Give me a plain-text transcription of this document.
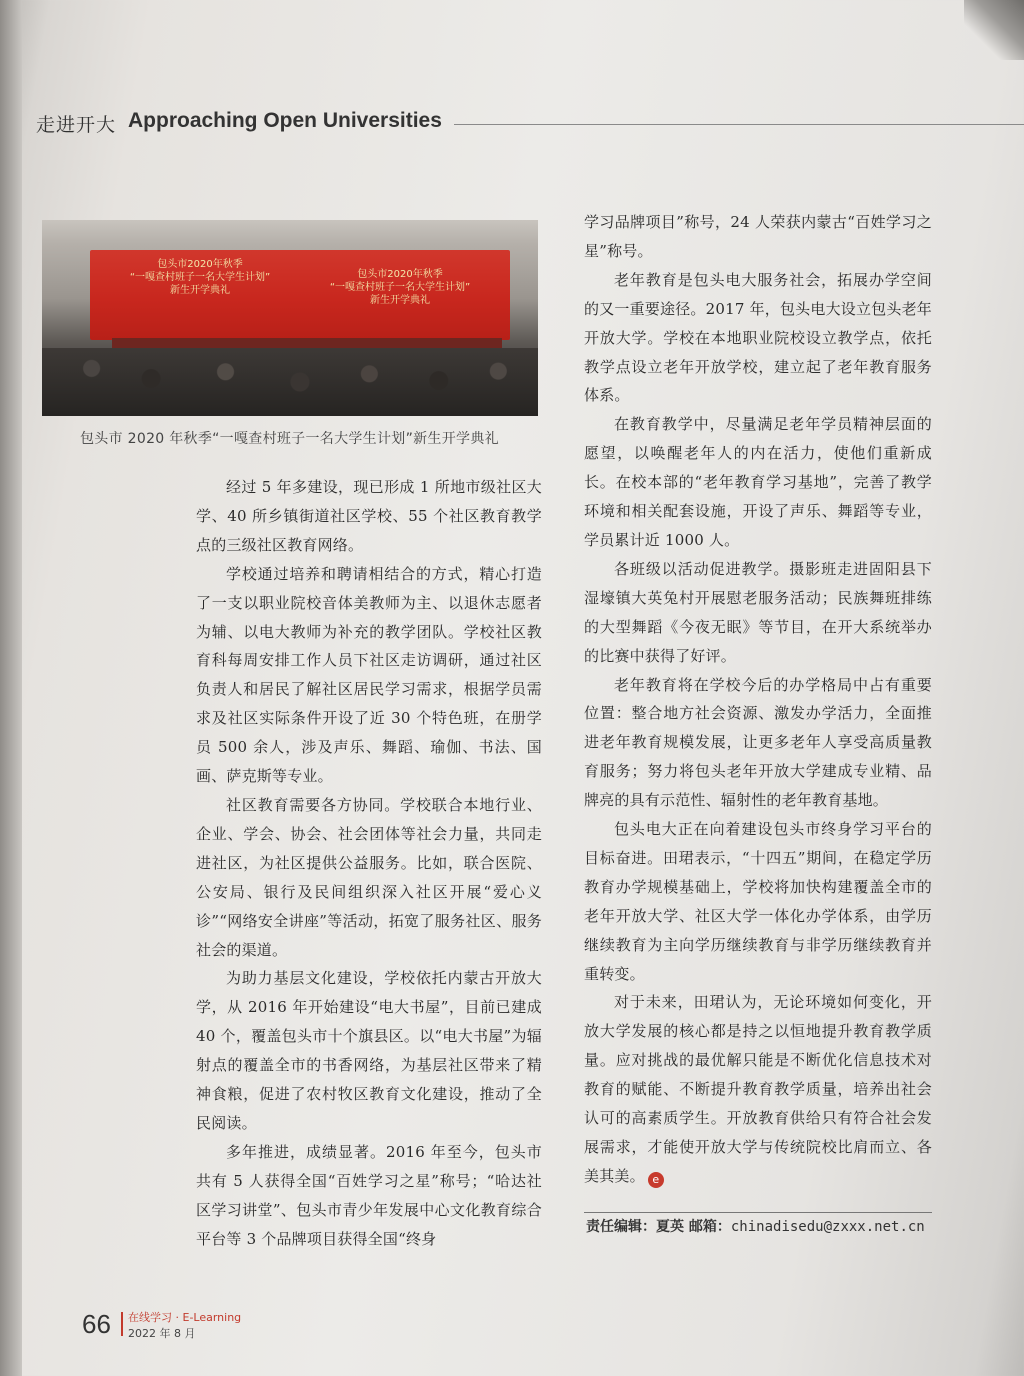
走进开大 Approaching Open Universities
包头市2020年秋季
“一嘎查村班子一名大学生计划”
新生开学典礼
包头市2020年秋季
“一嘎查村班子一名大学生计划”
新生开学典礼
包头市 2020 年秋季“一嘎查村班子一名大学生计划”新生开学典礼

经过 5 年多建设，现已形成 1 所地市级社区大学、40 所乡镇街道社区学校、55 个社区教育教学点的三级社区教育网络。

学校通过培养和聘请相结合的方式，精心打造了一支以职业院校音体美教师为主、以退休志愿者为辅、以电大教师为补充的教学团队。学校社区教育科每周安排工作人员下社区走访调研，通过社区负责人和居民了解社区居民学习需求，根据学员需求及社区实际条件开设了近 30 个特色班，在册学员 500 余人，涉及声乐、舞蹈、瑜伽、书法、国画、萨克斯等专业。

社区教育需要各方协同。学校联合本地行业、企业、学会、协会、社会团体等社会力量，共同走进社区，为社区提供公益服务。比如，联合医院、公安局、银行及民间组织深入社区开展“爱心义诊”“网络安全讲座”等活动，拓宽了服务社区、服务社会的渠道。

为助力基层文化建设，学校依托内蒙古开放大学，从 2016 年开始建设“电大书屋”，目前已建成 40 个，覆盖包头市十个旗县区。以“电大书屋”为辐射点的覆盖全市的书香网络，为基层社区带来了精神食粮，促进了农村牧区教育文化建设，推动了全民阅读。

多年推进，成绩显著。2016 年至今，包头市共有 5 人获得全国“百姓学习之星”称号；“哈达社区学习讲堂”、包头市青少年发展中心文化教育综合平台等 3 个品牌项目获得全国“终身

学习品牌项目”称号，24 人荣获内蒙古“百姓学习之星”称号。

老年教育是包头电大服务社会，拓展办学空间的又一重要途径。2017 年，包头电大设立包头老年开放大学。学校在本地职业院校设立教学点，依托教学点设立老年开放学校，建立起了老年教育服务体系。

在教育教学中，尽量满足老年学员精神层面的愿望，以唤醒老年人的内在活力，使他们重新成长。在校本部的“老年教育学习基地”，完善了教学环境和相关配套设施，开设了声乐、舞蹈等专业，学员累计近 1000 人。

各班级以活动促进教学。摄影班走进固阳县下湿壕镇大英兔村开展慰老服务活动；民族舞班排练的大型舞蹈《今夜无眠》等节目，在开大系统举办的比赛中获得了好评。

老年教育将在学校今后的办学格局中占有重要位置：整合地方社会资源、激发办学活力，全面推进老年教育规模发展，让更多老年人享受高质量教育服务；努力将包头老年开放大学建成专业精、品牌亮的具有示范性、辐射性的老年教育基地。

包头电大正在向着建设包头市终身学习平台的目标奋进。田珺表示，“十四五”期间，在稳定学历教育办学规模基础上，学校将加快构建覆盖全市的老年开放大学、社区大学一体化办学体系，由学历继续教育为主向学历继续教育与非学历继续教育并重转变。

对于未来，田珺认为，无论环境如何变化，开放大学发展的核心都是持之以恒地提升教育教学质量。应对挑战的最优解只能是不断优化信息技术对教育的赋能、不断提升教育教学质量，培养出社会认可的高素质学生。开放教育供给只有符合社会发展需求，才能使开放大学与传统院校比肩而立、各美其美。 e

责任编辑：夏英 邮箱：chinadisedu@zxxx.net.cn
66 在线学习 · E-Learning
2022 年 8 月
